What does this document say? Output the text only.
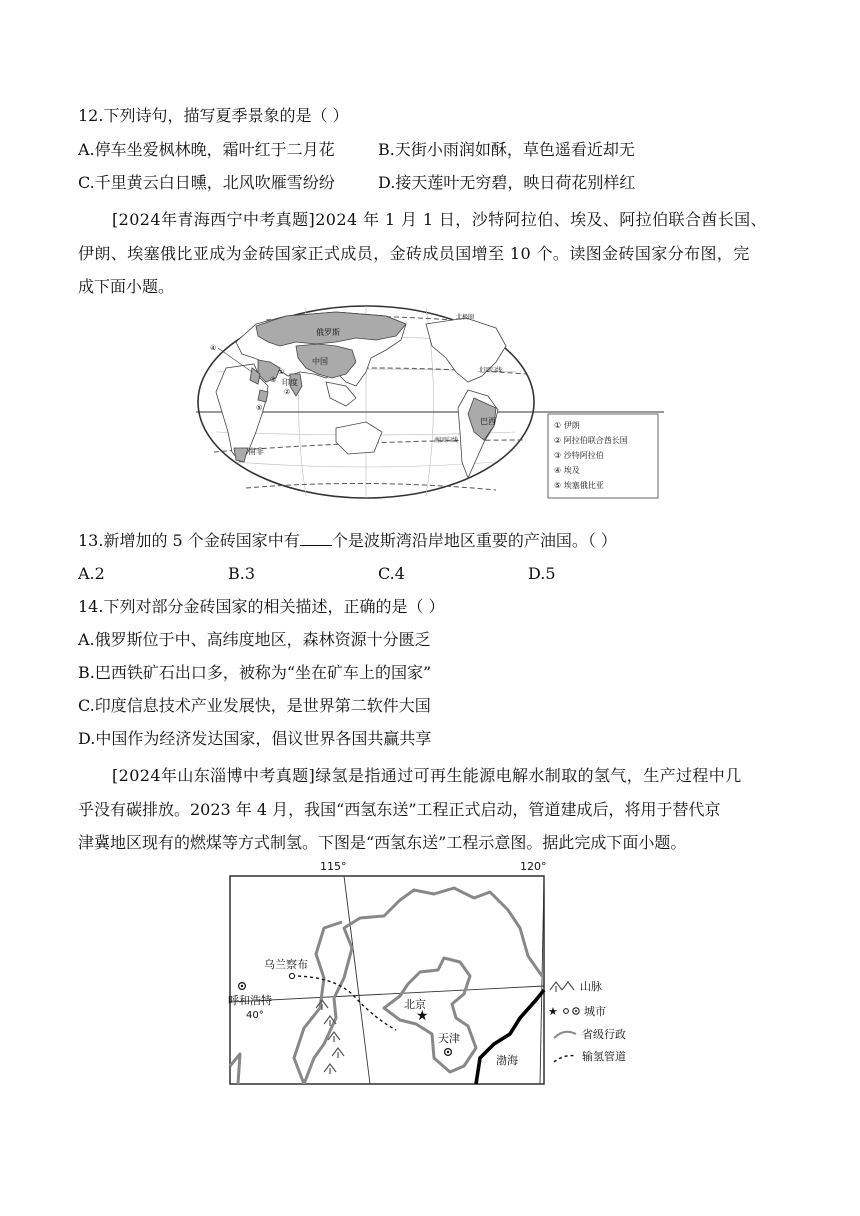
12.下列诗句，描写夏季景象的是（ ）
A.停车坐爱枫林晚，霜叶红于二月花	B.天街小雨润如酥，草色遥看近却无
C.千里黄云白日曛，北风吹雁雪纷纷	D.接天莲叶无穷碧，映日荷花别样红
[2024年青海西宁中考真题]2024 年 1 月 1 日，沙特阿拉伯、埃及、阿拉伯联合酋长国、
伊朗、埃塞俄比亚成为金砖国家正式成员，金砖成员国增至 10 个。读图金砖国家分布图，完
成下面小题。
俄罗斯
中国
印度
巴西
南非
北极圈
北回归线
南回归线
④
①
③
②
⑤
① 伊朗
② 阿拉伯联合酋长国
③ 沙特阿拉伯
④ 埃及
⑤ 埃塞俄比亚
13.新增加的 5 个金砖国家中有 个是波斯湾沿岸地区重要的产油国。（ ）
A.2	B.3	C.4	D.5
14.下列对部分金砖国家的相关描述，正确的是（ ）
A.俄罗斯位于中、高纬度地区，森林资源十分匮乏
B.巴西铁矿石出口多，被称为“坐在矿车上的国家”
C.印度信息技术产业发展快，是世界第二软件大国
D.中国作为经济发达国家，倡议世界各国共赢共享
[2024年山东淄博中考真题]绿氢是指通过可再生能源电解水制取的氢气，生产过程中几
乎没有碳排放。2023 年 4 月，我国“西氢东送”工程正式启动，管道建成后，将用于替代京
津冀地区现有的燃煤等方式制氢。下图是“西氢东送”工程示意图。据此完成下面小题。
115°	120°
★
乌兰察布
呼和浩特
40°
北京
天津
渤海
山脉
★ 城市
省级行政
输氢管道
